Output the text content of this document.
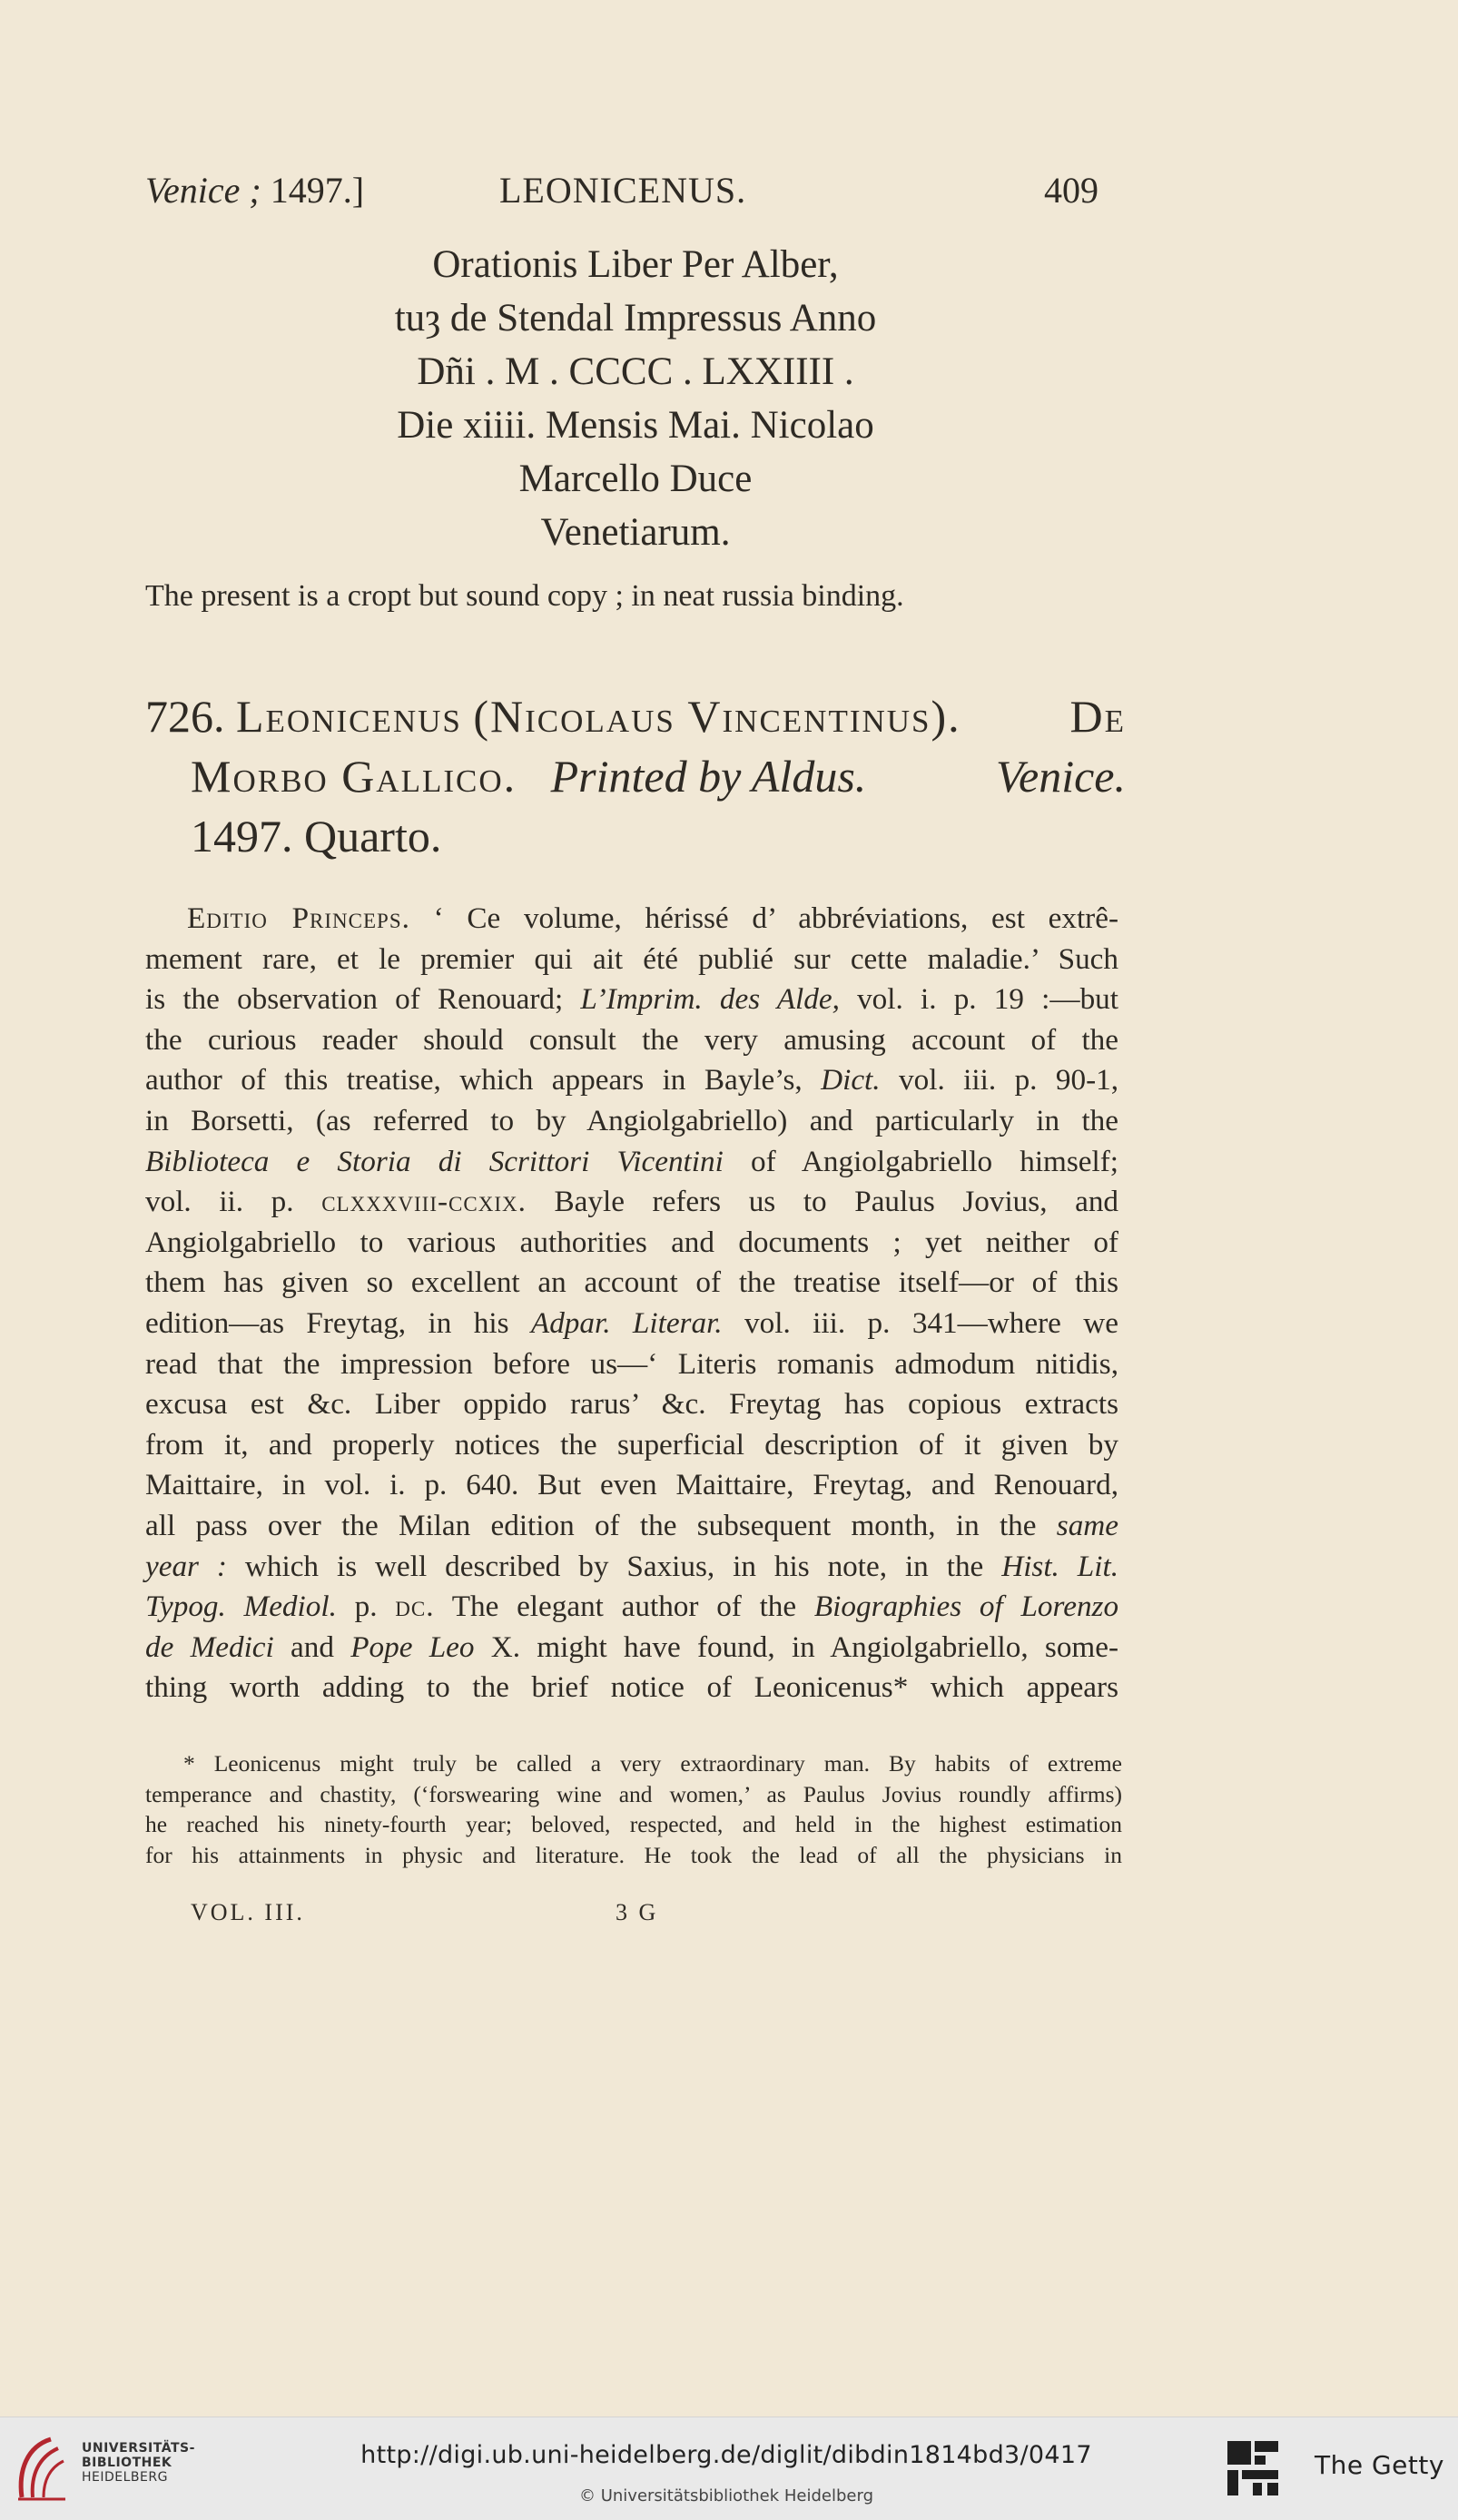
Venice ; 1497.]	LEONICENUS.	409
Orationis Liber Per Alber,
tuȝ de Stendal Impressus Anno
Dñi . M . CCCC . LXXIIII .
Die xiiii. Mensis Mai. Nicolao
Marcello Duce
Venetiarum.
The present is a cropt but sound copy ; in neat russia binding.
726. Leonicenus (Nicolaus Vincentinus). De
Morbo Gallico. Printed by Aldus.	Venice.
1497. Quarto.
Editio Princeps. ‘ Ce volume, hérissé d’ abbréviations, est extrê-
mement rare, et le premier qui ait été publié sur cette maladie.’ Such
is the observation of Renouard; L’Imprim. des Alde, vol. i. p. 19 :—but
the curious reader should consult the very amusing account of the
author of this treatise, which appears in Bayle’s, Dict. vol. iii. p. 90-1,
in Borsetti, (as referred to by Angiolgabriello) and particularly in the
Biblioteca e Storia di Scrittori Vicentini of Angiolgabriello himself;
vol. ii. p. clxxxviii-ccxix. Bayle refers us to Paulus Jovius, and
Angiolgabriello to various authorities and documents ; yet neither of
them has given so excellent an account of the treatise itself—or of this
edition—as Freytag, in his Adpar. Literar. vol. iii. p. 341—where we
read that the impression before us—‘ Literis romanis admodum nitidis,
excusa est &c. Liber oppido rarus’ &c. Freytag has copious extracts
from it, and properly notices the superficial description of it given by
Maittaire, in vol. i. p. 640. But even Maittaire, Freytag, and Renouard,
all pass over the Milan edition of the subsequent month, in the same
year : which is well described by Saxius, in his note, in the Hist. Lit.
Typog. Mediol. p. dc. The elegant author of the Biographies of Lorenzo
de Medici and Pope Leo X. might have found, in Angiolgabriello, some-
thing worth adding to the brief notice of Leonicenus* which appears
* Leonicenus might truly be called a very extraordinary man. By habits of extreme
temperance and chastity, (‘forswearing wine and women,’ as Paulus Jovius roundly affirms)
he reached his ninety-fourth year; beloved, respected, and held in the highest estimation
for his attainments in physic and literature. He took the lead of all the physicians in
VOL. III.	3 G
UNIVERSITÄTS-
BIBLIOTHEK
HEIDELBERG
http://digi.ub.uni-heidelberg.de/diglit/dibdin1814bd3/0417
© Universitätsbibliothek Heidelberg
The Getty
